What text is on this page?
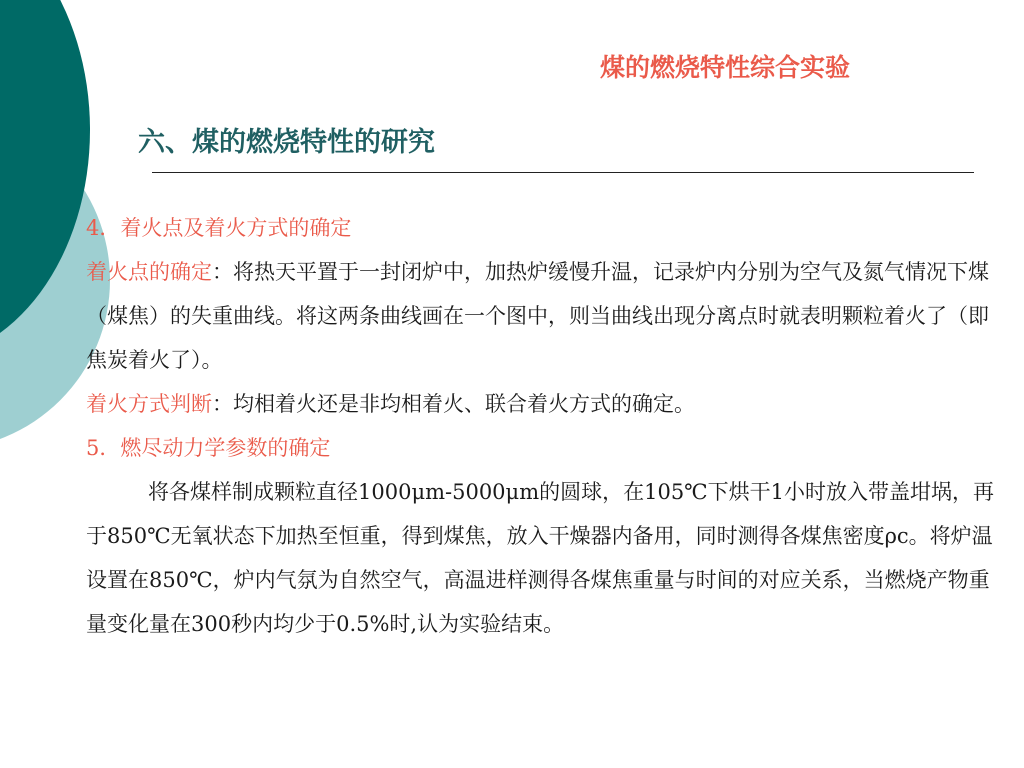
煤的燃烧特性综合实验
六、煤的燃烧特性的研究

4．着火点及着火方式的确定

着火点的确定：将热天平置于一封闭炉中，加热炉缓慢升温，记录炉内分别为空气及氮气情况下煤（煤焦）的失重曲线。将这两条曲线画在一个图中，则当曲线出现分离点时就表明颗粒着火了（即焦炭着火了）。

着火方式判断：均相着火还是非均相着火、联合着火方式的确定。

5．燃尽动力学参数的确定

将各煤样制成颗粒直径1000μm-5000μm的圆球，在105℃下烘干1小时放入带盖坩埚，再于850℃无氧状态下加热至恒重，得到煤焦，放入干燥器内备用，同时测得各煤焦密度ρc。将炉温设置在850℃，炉内气氛为自然空气，高温进样测得各煤焦重量与时间的对应关系，当燃烧产物重量变化量在300秒内均少于0.5%时,认为实验结束。
